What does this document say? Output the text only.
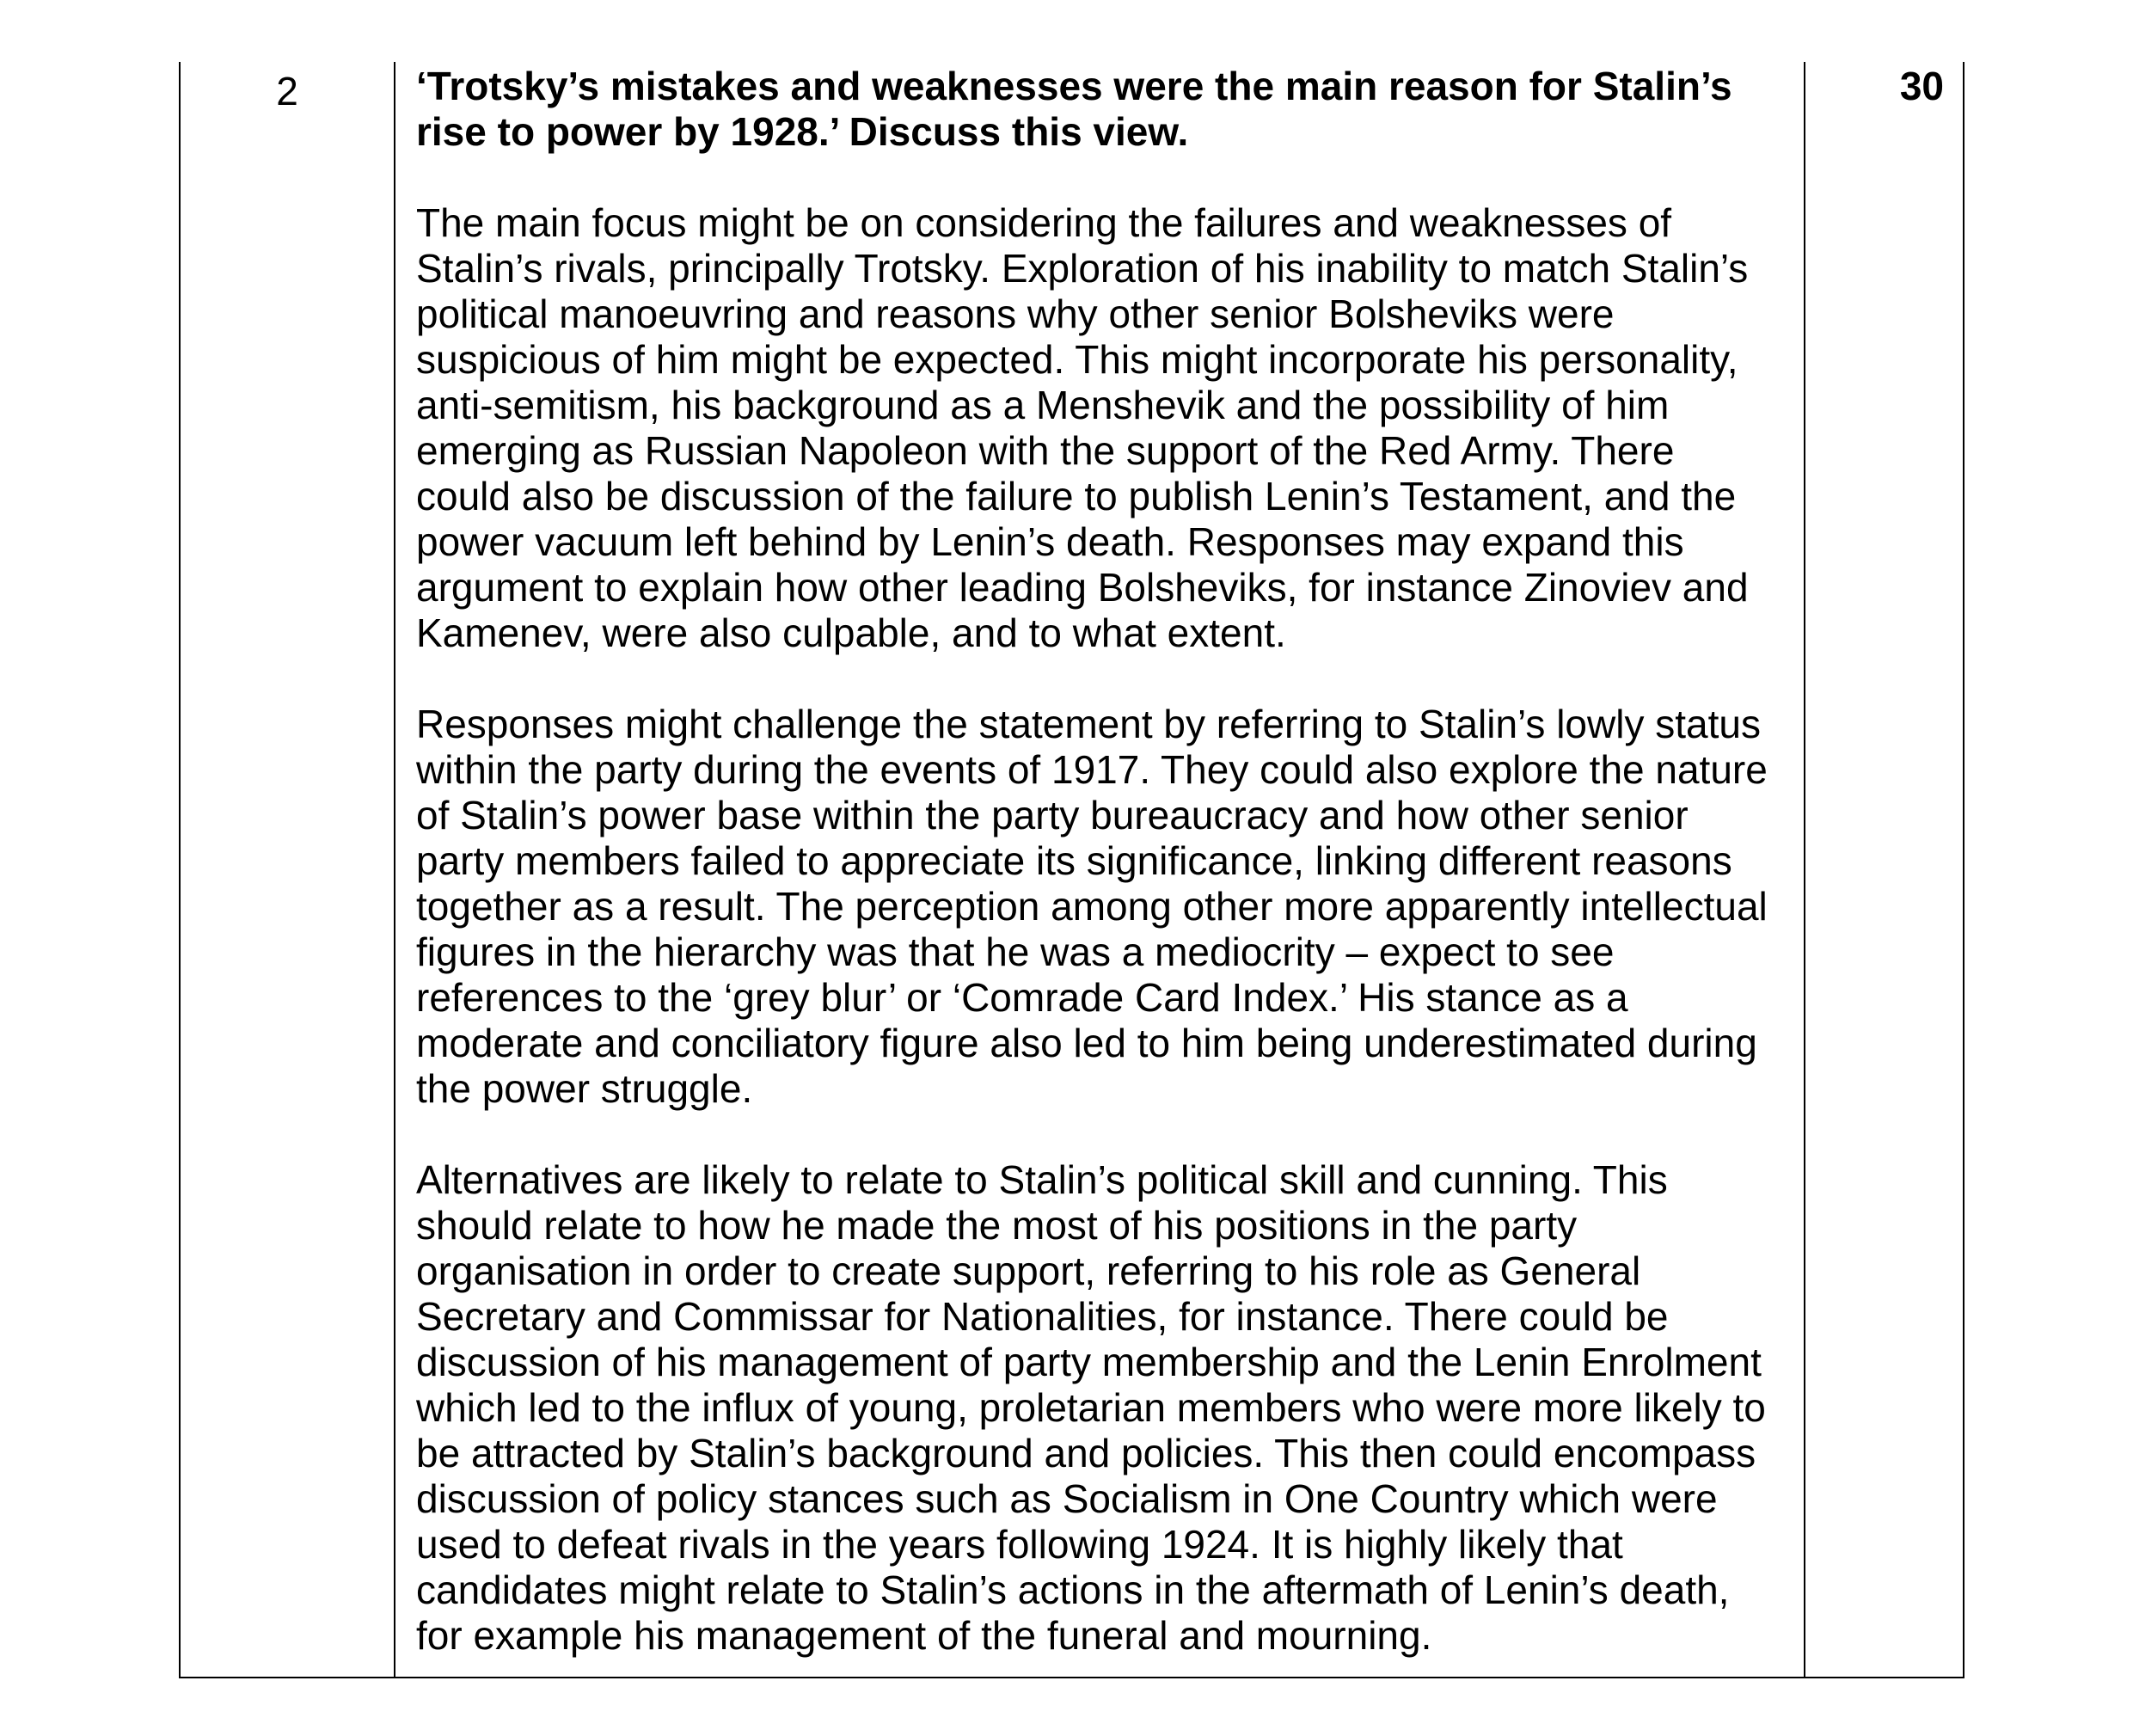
2	‘Trotsky’s mistakes and weaknesses were the main reason for Stalin’s
rise to power by 1928.’ Discuss this view.

The main focus might be on considering the failures and weaknesses of
Stalin’s rivals, principally Trotsky. Exploration of his inability to match Stalin’s
political manoeuvring and reasons why other senior Bolsheviks were
suspicious of him might be expected. This might incorporate his personality,
anti-semitism, his background as a Menshevik and the possibility of him
emerging as Russian Napoleon with the support of the Red Army. There
could also be discussion of the failure to publish Lenin’s Testament, and the
power vacuum left behind by Lenin’s death. Responses may expand this
argument to explain how other leading Bolsheviks, for instance Zinoviev and
Kamenev, were also culpable, and to what extent.

Responses might challenge the statement by referring to Stalin’s lowly status
within the party during the events of 1917. They could also explore the nature
of Stalin’s power base within the party bureaucracy and how other senior
party members failed to appreciate its significance, linking different reasons
together as a result. The perception among other more apparently intellectual
figures in the hierarchy was that he was a mediocrity – expect to see
references to the ‘grey blur’ or ‘Comrade Card Index.’ His stance as a
moderate and conciliatory figure also led to him being underestimated during
the power struggle.

Alternatives are likely to relate to Stalin’s political skill and cunning. This
should relate to how he made the most of his positions in the party
organisation in order to create support, referring to his role as General
Secretary and Commissar for Nationalities, for instance. There could be
discussion of his management of party membership and the Lenin Enrolment
which led to the influx of young, proletarian members who were more likely to
be attracted by Stalin’s background and policies. This then could encompass
discussion of policy stances such as Socialism in One Country which were
used to defeat rivals in the years following 1924. It is highly likely that
candidates might relate to Stalin’s actions in the aftermath of Lenin’s death,
for example his management of the funeral and mourning.

30
